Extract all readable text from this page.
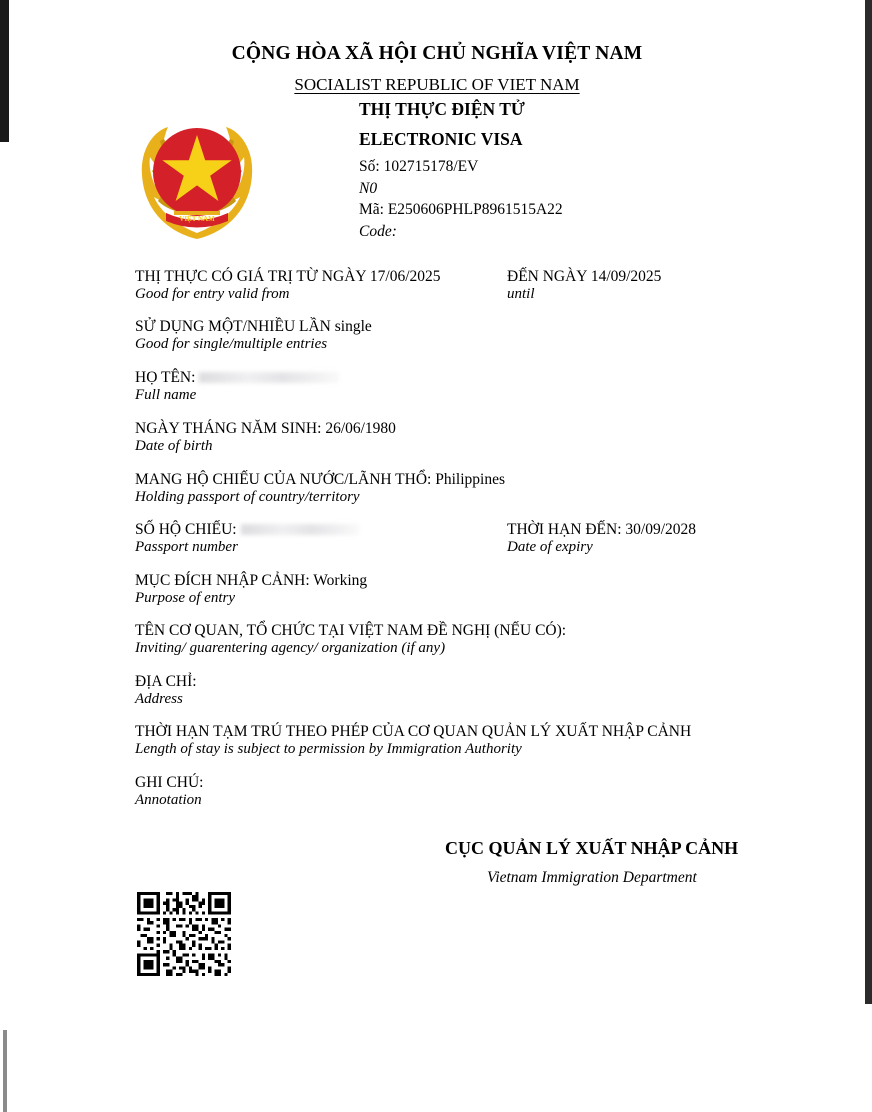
CỘNG HÒA XÃ HỘI CHỦ NGHĨA VIỆT NAM
SOCIALIST REPUBLIC OF VIET NAM
VIỆT NAM
THỊ THỰC ĐIỆN TỬ
ELECTRONIC VISA
Số: 102715178/EV
N0
Mã: E250606PHLP8961515A22
Code:
THỊ THỰC CÓ GIÁ TRỊ TỪ NGÀY 17/06/2025
Good for entry valid from
ĐẾN NGÀY 14/09/2025
until
SỬ DỤNG MỘT/NHIỀU LẦN single
Good for single/multiple entries
HỌ TÊN:
Full name
NGÀY THÁNG NĂM SINH: 26/06/1980
Date of birth
MANG HỘ CHIẾU CỦA NƯỚC/LÃNH THỔ: Philippines
Holding passport of country/territory
SỐ HỘ CHIẾU:
Passport number
THỜI HẠN ĐẾN: 30/09/2028
Date of expiry
MỤC ĐÍCH NHẬP CẢNH: Working
Purpose of entry
TÊN CƠ QUAN, TỔ CHỨC TẠI VIỆT NAM ĐỀ NGHỊ (NẾU CÓ):
Inviting/ guarentering agency/ organization (if any)
ĐỊA CHỈ:
Address
THỜI HẠN TẠM TRÚ THEO PHÉP CỦA CƠ QUAN QUẢN LÝ XUẤT NHẬP CẢNH
Length of stay is subject to permission by Immigration Authority
GHI CHÚ:
Annotation
CỤC QUẢN LÝ XUẤT NHẬP CẢNH
Vietnam Immigration Department
